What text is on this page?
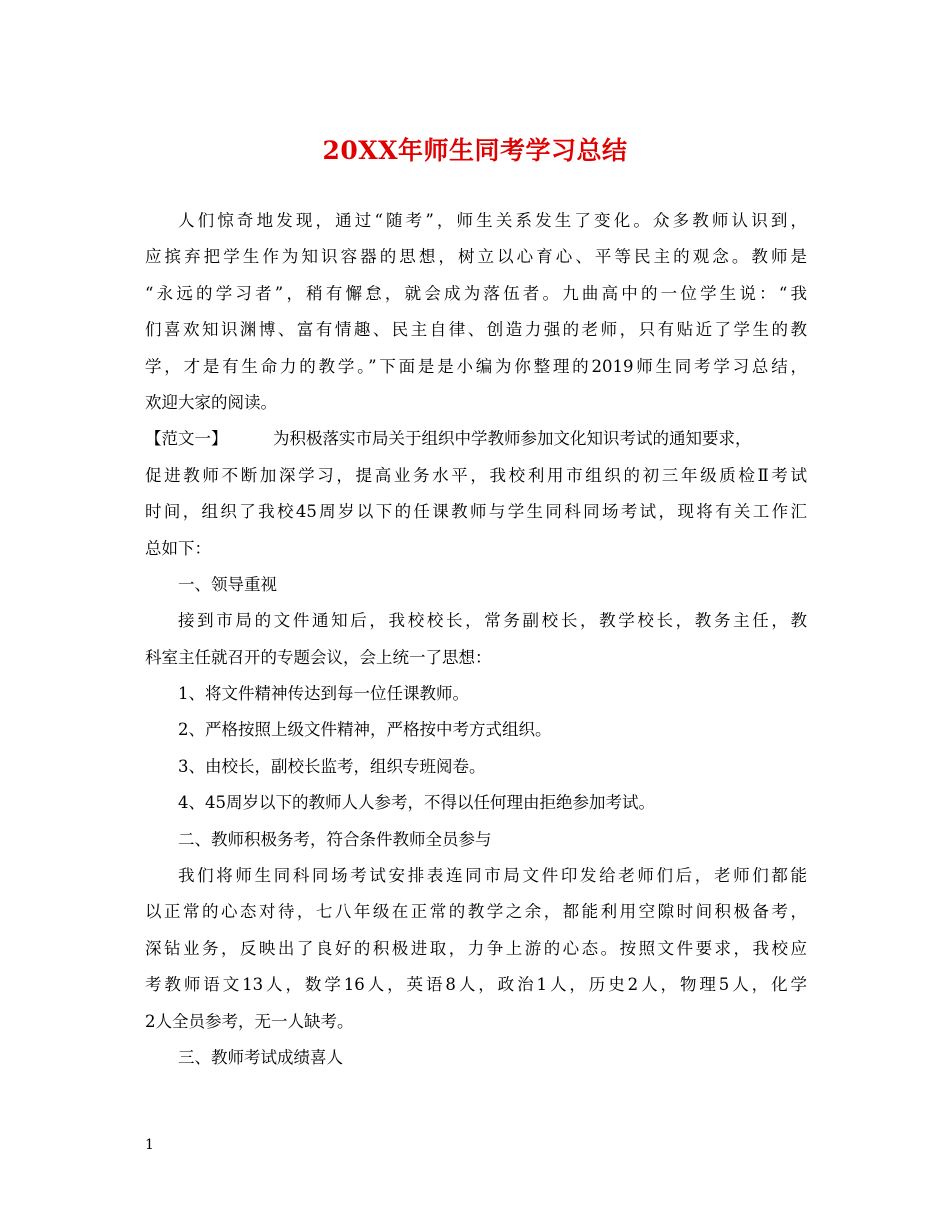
20XX年师生同考学习总结
人们惊奇地发现，通过“随考”，师生关系发生了变化。众多教师认识到，
应摈弃把学生作为知识容器的思想，树立以心育心、平等民主的观念。教师是
“永远的学习者”，稍有懈怠，就会成为落伍者。九曲高中的一位学生说：“我
们喜欢知识渊博、富有情趣、民主自律、创造力强的老师，只有贴近了学生的教
学，才是有生命力的教学。”下面是是小编为你整理的2019师生同考学习总结，
欢迎大家的阅读。
【范文一】	为积极落实市局关于组织中学教师参加文化知识考试的通知要求，
促进教师不断加深学习，提高业务水平，我校利用市组织的初三年级质检Ⅱ考试
时间，组织了我校45周岁以下的任课教师与学生同科同场考试，现将有关工作汇
总如下：
一、领导重视
接到市局的文件通知后，我校校长，常务副校长，教学校长，教务主任，教
科室主任就召开的专题会议，会上统一了思想：
1、将文件精神传达到每一位任课教师。
2、严格按照上级文件精神，严格按中考方式组织。
3、由校长，副校长监考，组织专班阅卷。
4、45周岁以下的教师人人参考，不得以任何理由拒绝参加考试。
二、教师积极务考，符合条件教师全员参与
我们将师生同科同场考试安排表连同市局文件印发给老师们后，老师们都能
以正常的心态对待，七八年级在正常的教学之余，都能利用空隙时间积极备考，
深钻业务，反映出了良好的积极进取，力争上游的心态。按照文件要求，我校应
考教师语文13人，数学16人，英语8人，政治1人，历史2人，物理5人，化学
2人全员参考，无一人缺考。
三、教师考试成绩喜人
1
